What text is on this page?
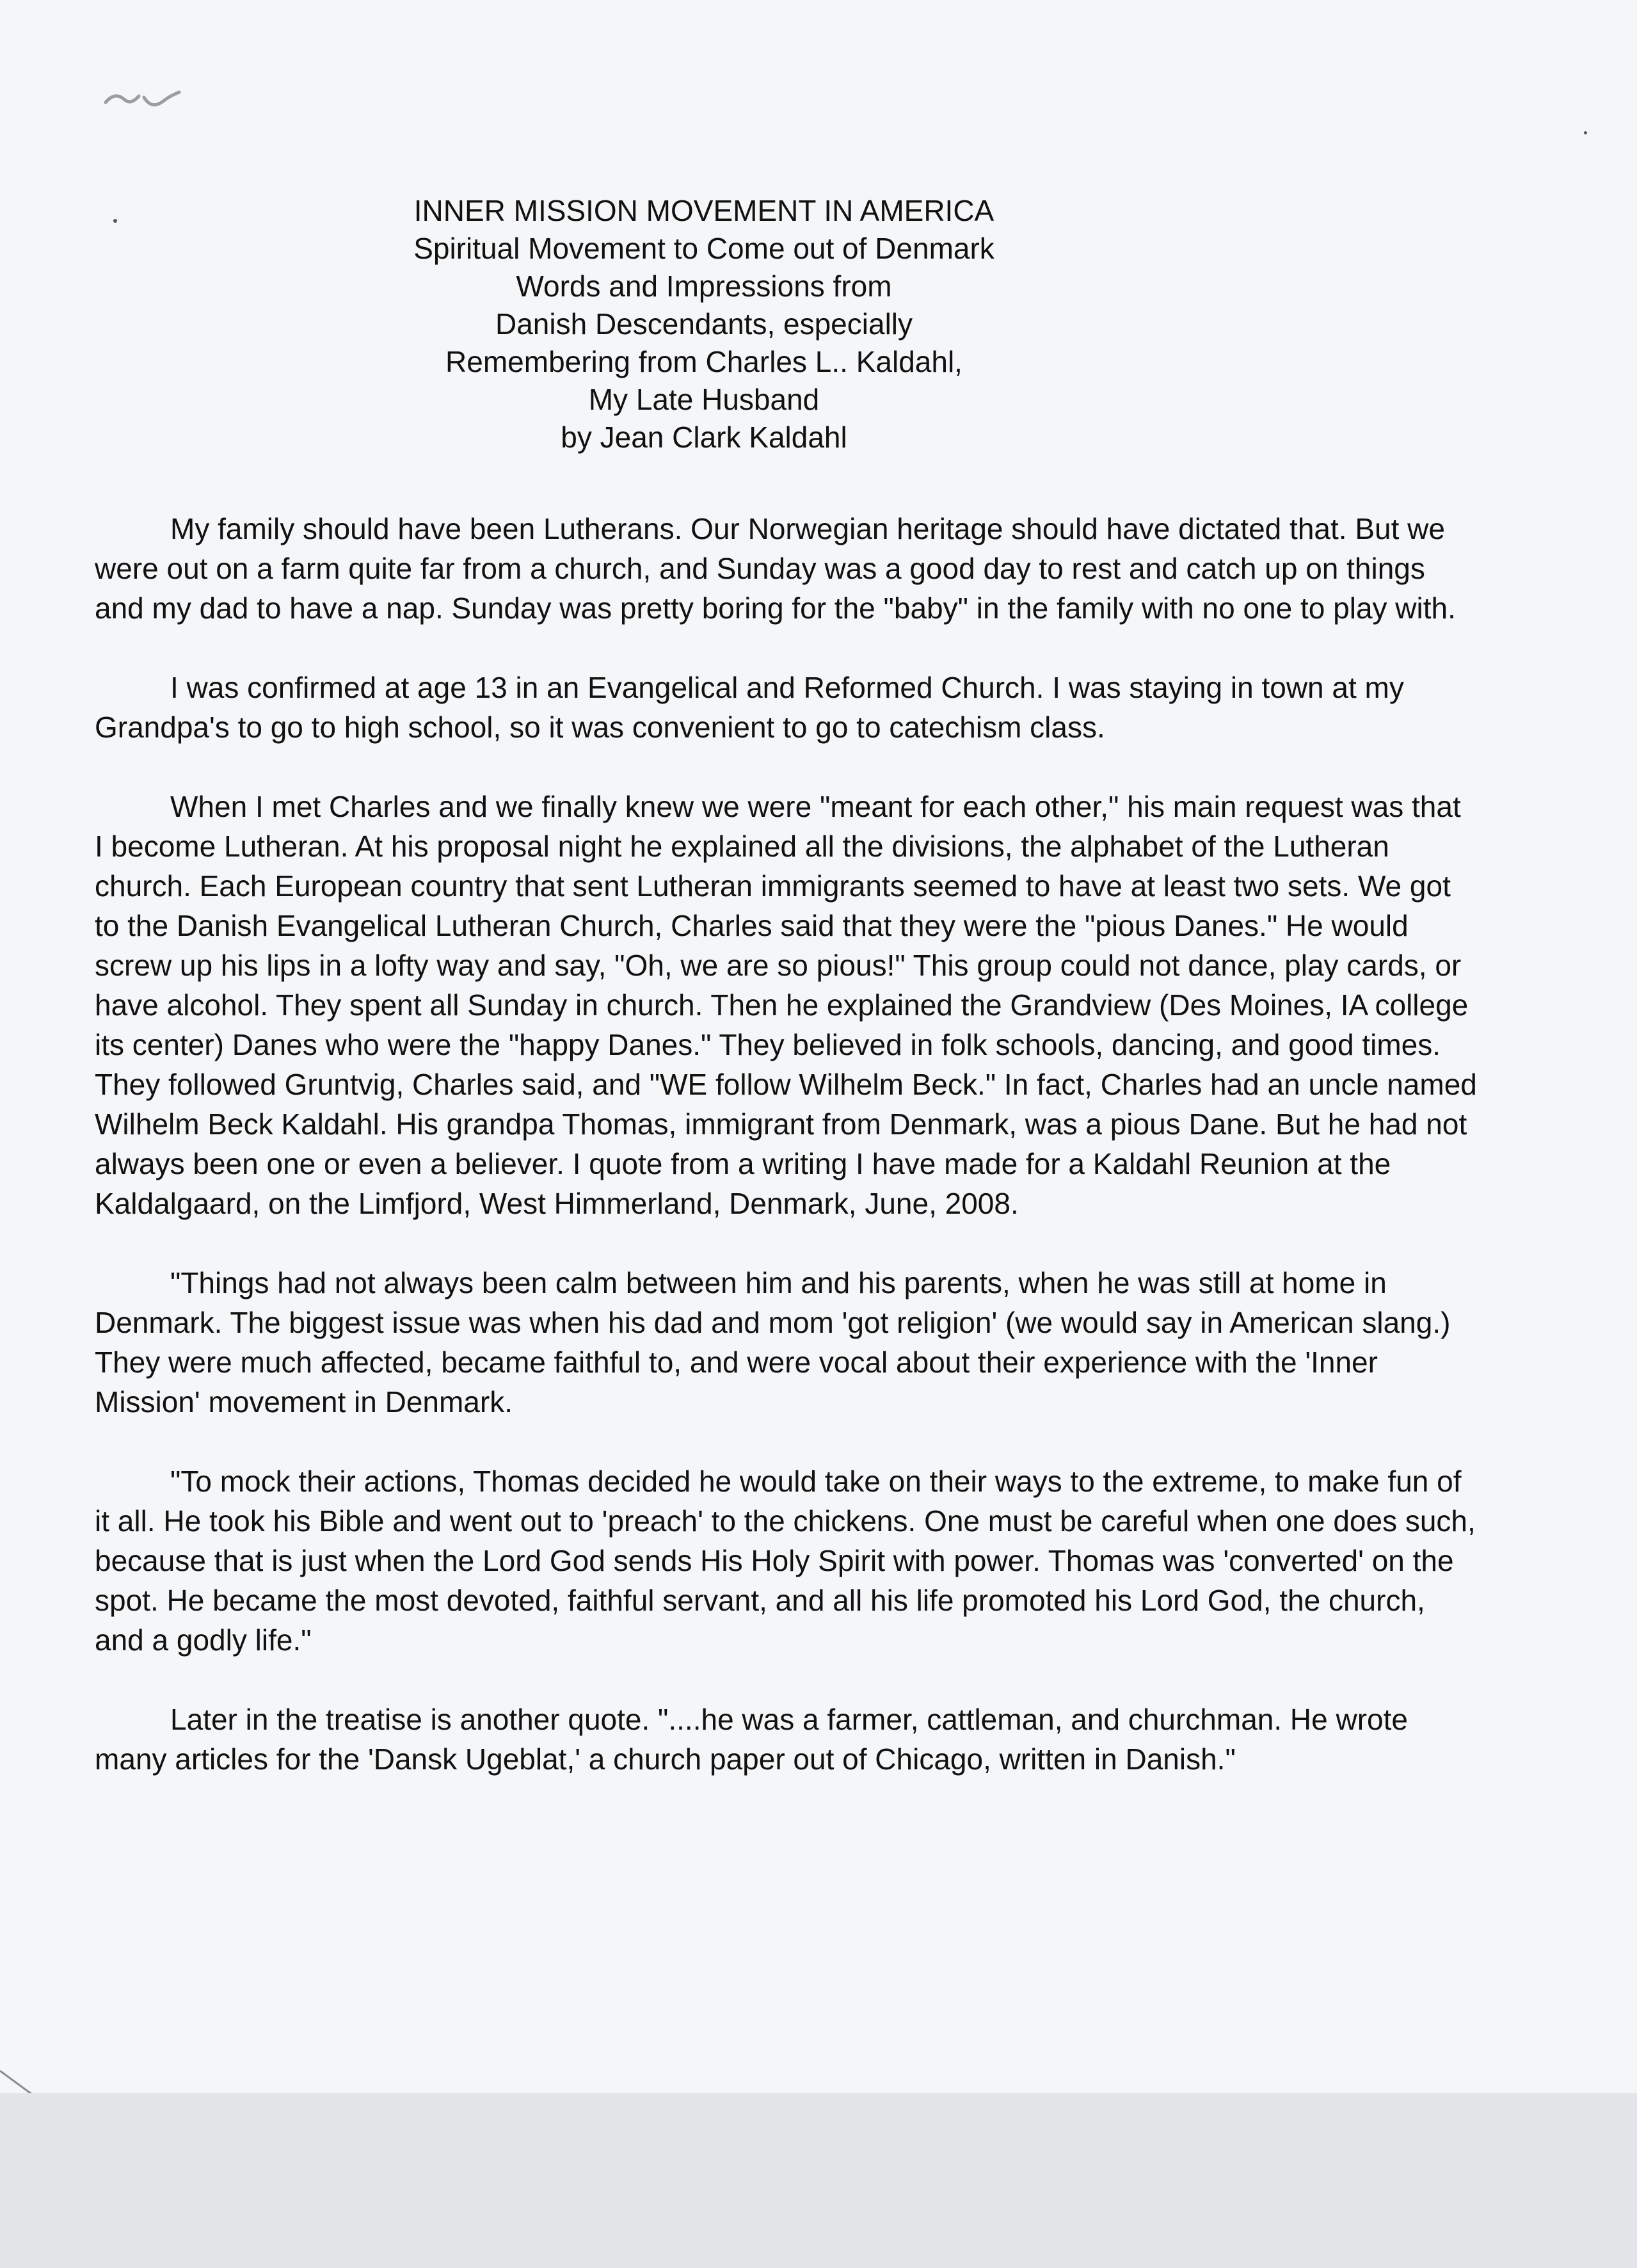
INNER MISSION MOVEMENT IN AMERICA
Spiritual Movement to Come out of Denmark
Words and Impressions from
Danish Descendants, especially
Remembering from Charles L.. Kaldahl,
My Late Husband
by Jean Clark Kaldahl

My family should have been Lutherans. Our Norwegian heritage should have dictated that. But we were out on a farm quite far from a church, and Sunday was a good day to rest and catch up on things and my dad to have a nap. Sunday was pretty boring for the "baby" in the family with no one to play with.

I was confirmed at age 13 in an Evangelical and Reformed Church. I was staying in town at my Grandpa's to go to high school, so it was convenient to go to catechism class.

When I met Charles and we finally knew we were "meant for each other," his main request was that I become Lutheran. At his proposal night he explained all the divisions, the alphabet of the Lutheran church. Each European country that sent Lutheran immigrants seemed to have at least two sets. We got to the Danish Evangelical Lutheran Church, Charles said that they were the "pious Danes." He would screw up his lips in a lofty way and say, "Oh, we are so pious!" This group could not dance, play cards, or have alcohol. They spent all Sunday in church. Then he explained the Grandview (Des Moines, IA college its center) Danes who were the "happy Danes." They believed in folk schools, dancing, and good times. They followed Gruntvig, Charles said, and "WE follow Wilhelm Beck." In fact, Charles had an uncle named Wilhelm Beck Kaldahl. His grandpa Thomas, immigrant from Denmark, was a pious Dane. But he had not always been one or even a believer. I quote from a writing I have made for a Kaldahl Reunion at the Kaldalgaard, on the Limfjord, West Himmerland, Denmark, June, 2008.

"Things had not always been calm between him and his parents, when he was still at home in Denmark. The biggest issue was when his dad and mom 'got religion' (we would say in American slang.) They were much affected, became faithful to, and were vocal about their experience with the 'Inner Mission' movement in Denmark.

"To mock their actions, Thomas decided he would take on their ways to the extreme, to make fun of it all. He took his Bible and went out to 'preach' to the chickens. One must be careful when one does such, because that is just when the Lord God sends His Holy Spirit with power. Thomas was 'converted' on the spot. He became the most devoted, faithful servant, and all his life promoted his Lord God, the church, and a godly life."

Later in the treatise is another quote. "....he was a farmer, cattleman, and churchman. He wrote many articles for the 'Dansk Ugeblat,' a church paper out of Chicago, written in Danish."
